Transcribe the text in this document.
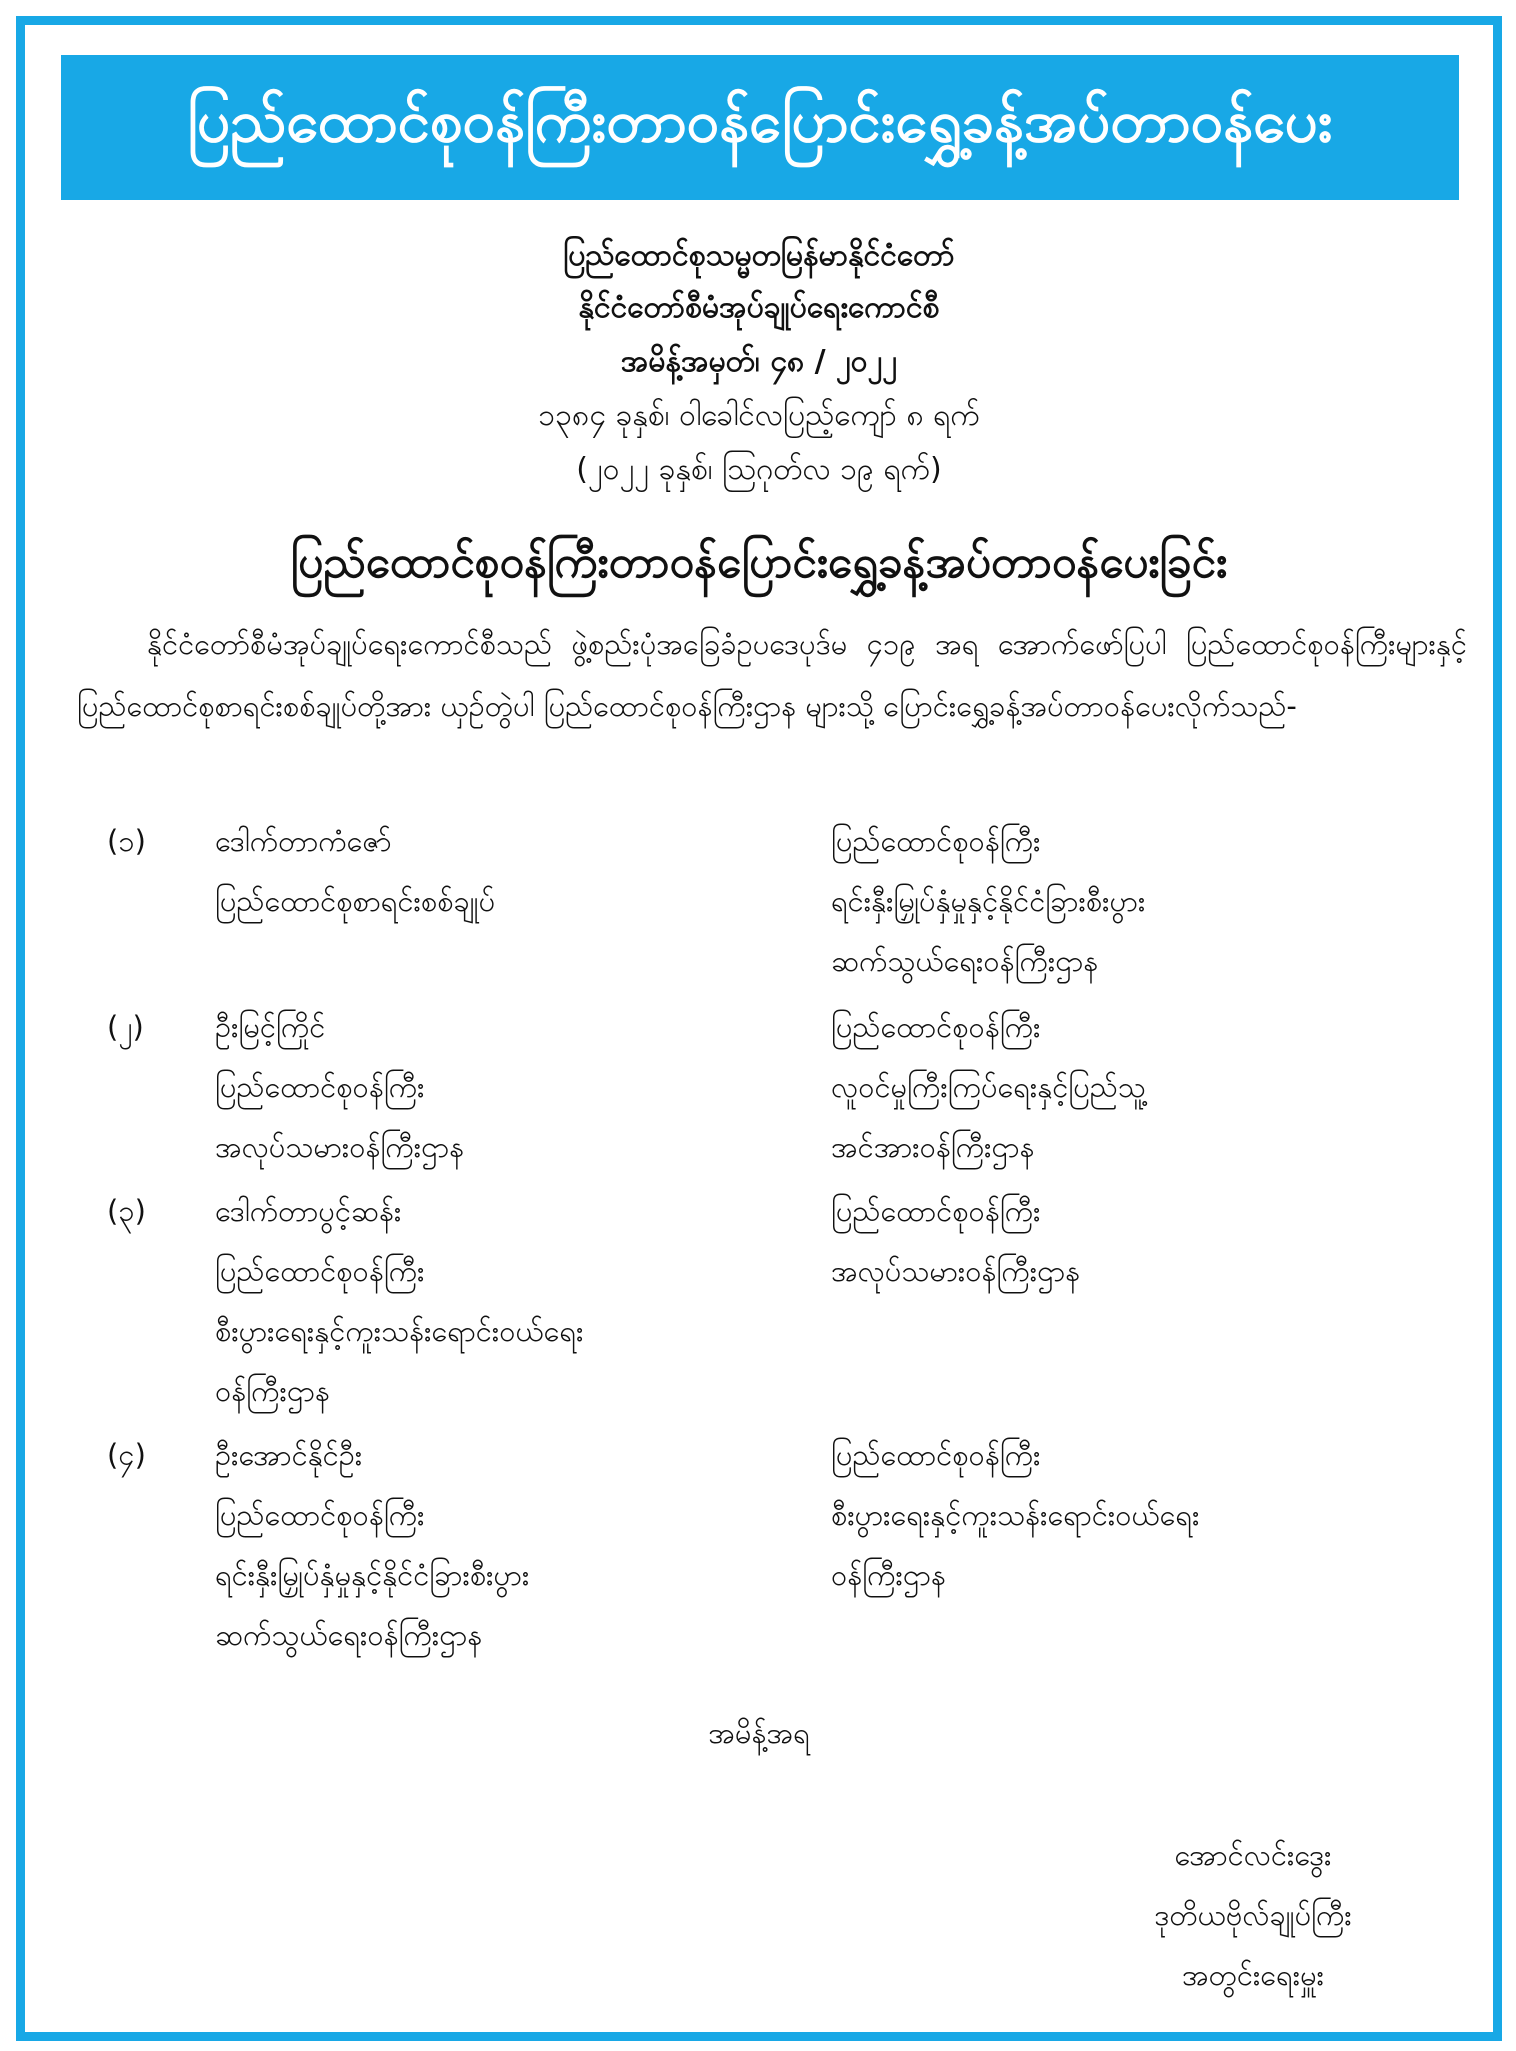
ပြည်ထောင်စုဝန်ကြီးတာဝန်ပြောင်းရွှေ့ခန့်အပ်တာဝန်ပေး
ပြည်ထောင်စုသမ္မတမြန်မာနိုင်ငံတော်
နိုင်ငံတော်စီမံအုပ်ချုပ်ရေးကောင်စီ
အမိန့်အမှတ်၊ ၄၈ / ၂၀၂၂
၁၃၈၄ ခုနှစ်၊ ဝါခေါင်လပြည့်ကျော် ၈ ရက်
(၂၀၂၂ ခုနှစ်၊ ဩဂုတ်လ ၁၉ ရက်)
ပြည်ထောင်စုဝန်ကြီးတာဝန်ပြောင်းရွှေ့ခန့်အပ်တာဝန်ပေးခြင်း
နိုင်ငံတော်စီမံအုပ်ချုပ်ရေးကောင်စီသည် ဖွဲ့စည်းပုံအခြေခံဥပဒေပုဒ်မ ၄၁၉ အရ အောက်ဖော်ပြပါ ပြည်ထောင်စုဝန်ကြီးများနှင့် ပြည်ထောင်စုစာရင်းစစ်ချုပ်တို့အား ယှဉ်တွဲပါ ပြည်ထောင်စုဝန်ကြီးဌာန များသို့ ပြောင်းရွှေ့ခန့်အပ်တာဝန်ပေးလိုက်သည်-
(၁) ဒေါက်တာကံဇော်
ပြည်ထောင်စုစာရင်းစစ်ချုပ်
ပြည်ထောင်စုဝန်ကြီး
ရင်းနှီးမြှုပ်နှံမှုနှင့်နိုင်ငံခြားစီးပွား
ဆက်သွယ်ရေးဝန်ကြီးဌာန
(၂) ဦးမြင့်ကြိုင်
ပြည်ထောင်စုဝန်ကြီး
အလုပ်သမားဝန်ကြီးဌာန
ပြည်ထောင်စုဝန်ကြီး
လူဝင်မှုကြီးကြပ်ရေးနှင့်ပြည်သူ့
အင်အားဝန်ကြီးဌာန
(၃) ဒေါက်တာပွင့်ဆန်း
ပြည်ထောင်စုဝန်ကြီး
စီးပွားရေးနှင့်ကူးသန်းရောင်းဝယ်ရေး
ဝန်ကြီးဌာန
ပြည်ထောင်စုဝန်ကြီး
အလုပ်သမားဝန်ကြီးဌာန
(၄) ဦးအောင်နိုင်ဦး
ပြည်ထောင်စုဝန်ကြီး
ရင်းနှီးမြှုပ်နှံမှုနှင့်နိုင်ငံခြားစီးပွား
ဆက်သွယ်ရေးဝန်ကြီးဌာန
ပြည်ထောင်စုဝန်ကြီး
စီးပွားရေးနှင့်ကူးသန်းရောင်းဝယ်ရေး
ဝန်ကြီးဌာန
အမိန့်အရ
အောင်လင်းဒွေး
ဒုတိယဗိုလ်ချုပ်ကြီး
အတွင်းရေးမှူး
